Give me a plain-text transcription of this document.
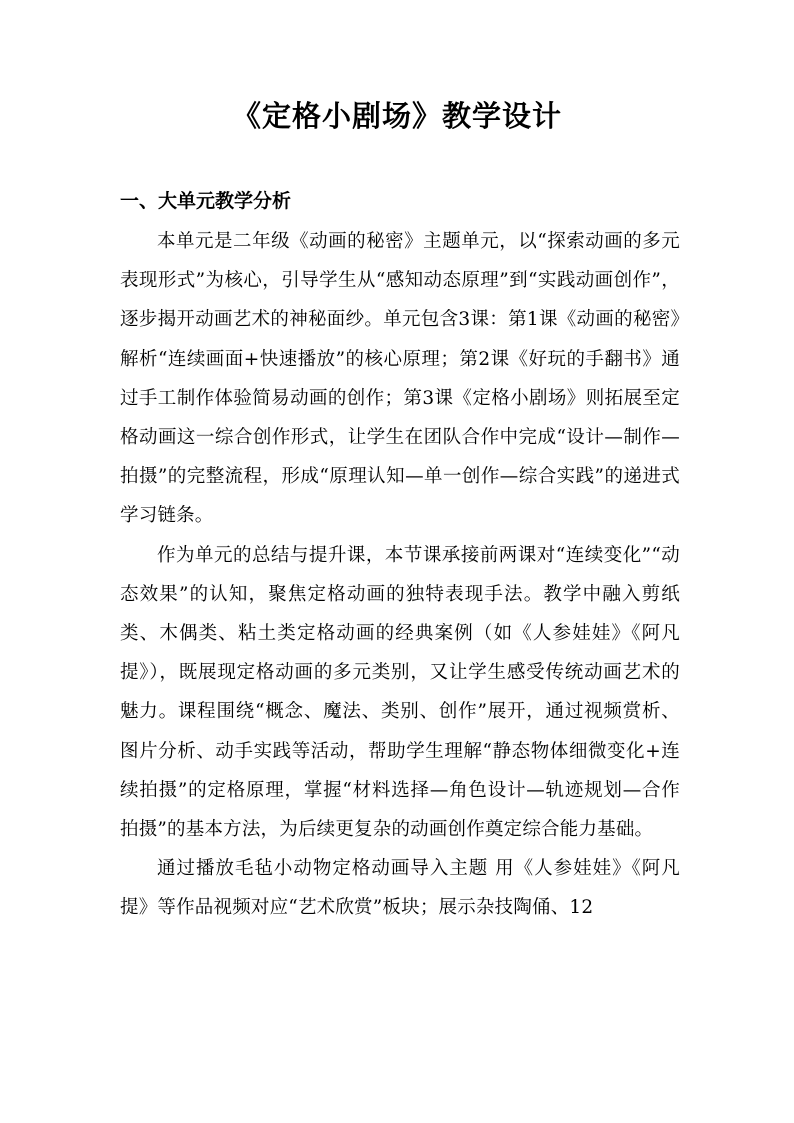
《定格小剧场》教学设计
一、大单元教学分析

本单元是二年级《动画的秘密》主题单元，以“探索动画的多元表现形式”为核心，引导学生从“感知动态原理”到“实践动画创作”，逐步揭开动画艺术的神秘面纱。单元包含3课：第1课《动画的秘密》解析“连续画面+快速播放”的核心原理；第2课《好玩的手翻书》通过手工制作体验简易动画的创作；第3课《定格小剧场》则拓展至定格动画这一综合创作形式，让学生在团队合作中完成“设计—制作—拍摄”的完整流程，形成“原理认知—单一创作—综合实践”的递进式学习链条。

作为单元的总结与提升课，本节课承接前两课对“连续变化”“动态效果”的认知，聚焦定格动画的独特表现手法。教学中融入剪纸类、木偶类、粘土类定格动画的经典案例（如《人参娃娃》《阿凡提》），既展现定格动画的多元类别，又让学生感受传统动画艺术的魅力。课程围绕“概念、魔法、类别、创作”展开，通过视频赏析、图片分析、动手实践等活动，帮助学生理解“静态物体细微变化+连续拍摄”的定格原理，掌握“材料选择—角色设计—轨迹规划—合作拍摄”的基本方法，为后续更复杂的动画创作奠定综合能力基础。

通过播放毛毡小动物定格动画导入主题 用《人参娃娃》《阿凡提》等作品视频对应“艺术欣赏”板块；展示杂技陶俑、12
